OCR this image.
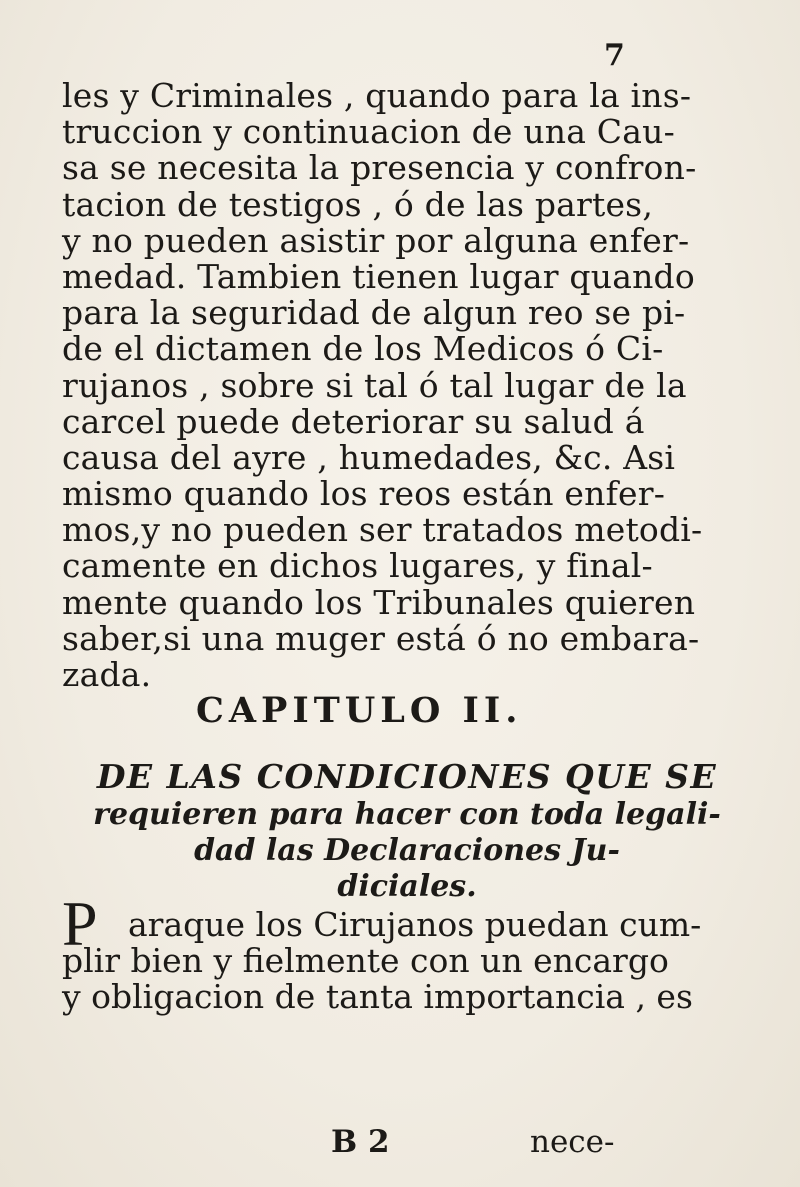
7
les y Criminales , quando para la ins-
truccion y continuacion de una Cau-
sa se necesita la presencia y confron-
tacion de testigos , ó de las partes,
y no pueden asistir por alguna enfer-
medad. Tambien tienen lugar quando
para la seguridad de algun reo se pi-
de el dictamen de los Medicos ó Ci-
rujanos , sobre si tal ó tal lugar de la
carcel puede deteriorar su salud á
causa del ayre , humedades, &c. Asi
mismo quando los reos están enfer-
mos,y no pueden ser tratados metodi-
camente en dichos lugares, y final-
mente quando los Tribunales quieren
saber,si una muger está ó no embara-
zada.
CAPITULO II.
DE LAS CONDICIONES QUE SE
requieren para hacer con toda legali-
dad las Declaraciones Ju-
diciales.
P araque los Cirujanos puedan cum-
plir bien y fielmente con un encargo
y obligacion de tanta importancia , es
B 2	nece-
